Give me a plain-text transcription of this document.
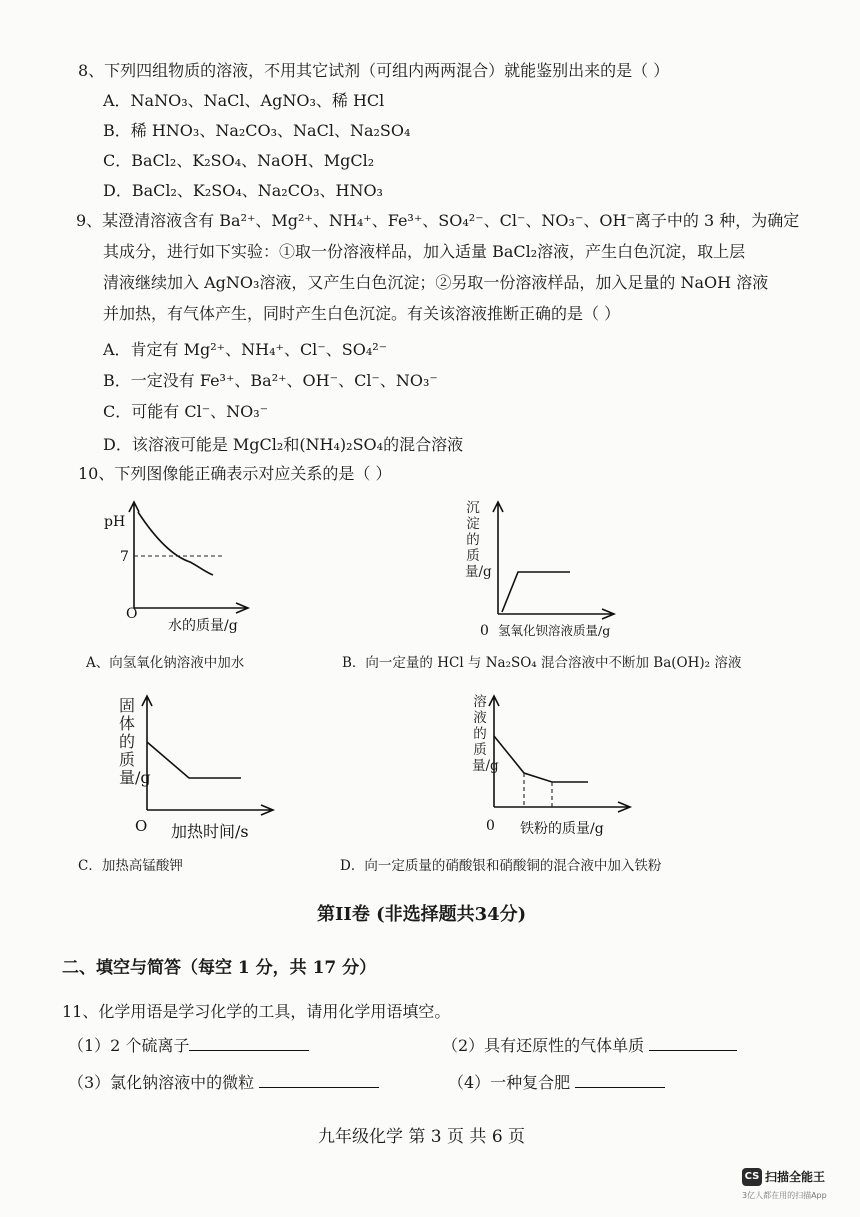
8、下列四组物质的溶液，不用其它试剂（可组内两两混合）就能鉴别出来的是（ ）
A．NaNO₃、NaCl、AgNO₃、稀 HCl
B．稀 HNO₃、Na₂CO₃、NaCl、Na₂SO₄
C．BaCl₂、K₂SO₄、NaOH、MgCl₂
D．BaCl₂、K₂SO₄、Na₂CO₃、HNO₃
9、某澄清溶液含有 Ba²⁺、Mg²⁺、NH₄⁺、Fe³⁺、SO₄²⁻、Cl⁻、NO₃⁻、OH⁻离子中的 3 种，为确定
其成分，进行如下实验：①取一份溶液样品，加入适量 BaCl₂溶液，产生白色沉淀，取上层
清液继续加入 AgNO₃溶液，又产生白色沉淀；②另取一份溶液样品，加入足量的 NaOH 溶液
并加热，有气体产生，同时产生白色沉淀。有关该溶液推断正确的是（ ）
A．肯定有 Mg²⁺、NH₄⁺、Cl⁻、SO₄²⁻
B．一定没有 Fe³⁺、Ba²⁺、OH⁻、Cl⁻、NO₃⁻
C．可能有 Cl⁻、NO₃⁻
D．该溶液可能是 MgCl₂和(NH₄)₂SO₄的混合溶液
10、下列图像能正确表示对应关系的是（ ）
pH
7
O
水的质量/g
A、向氢氧化钠溶液中加水
沉淀的质量/g
0 氢氧化钡溶液质量/g
B．向一定量的 HCl 与 Na₂SO₄ 混合溶液中不断加 Ba(OH)₂ 溶液
固体的质量/g
O 加热时间/s
C．加热高锰酸钾
溶液的质量/g
0 铁粉的质量/g
D．向一定质量的硝酸银和硝酸铜的混合液中加入铁粉
第II卷 (非选择题共34分)
二、填空与简答（每空 1 分，共 17 分）
11、化学用语是学习化学的工具，请用化学用语填空。
（1）2 个硫离子	（2）具有还原性的气体单质
（3）氯化钠溶液中的微粒	（4）一种复合肥
九年级化学 第 3 页 共 6 页
CS 扫描全能王
3亿人都在用的扫描App
